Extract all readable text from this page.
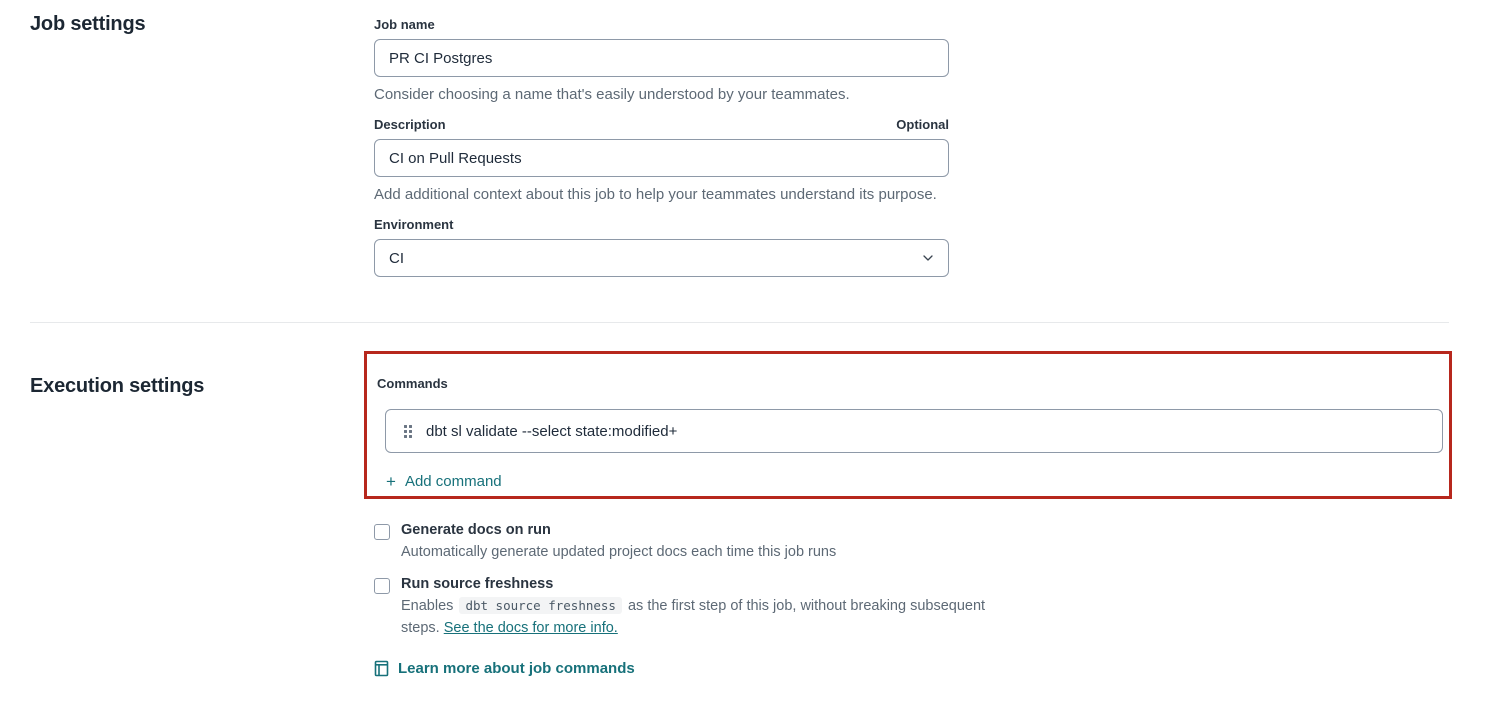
Job settings	Job name
PR CI Postgres
Consider choosing a name that's easily understood by your teammates.
Description	Optional
CI on Pull Requests
Add additional context about this job to help your teammates understand its purpose.
Environment
CI
Execution settings	Commands
dbt sl validate --select state:modified+
+ Add command
Generate docs on run
Automatically generate updated project docs each time this job runs
Run source freshness
Enables dbt source freshness as the first step of this job, without breaking subsequent
steps. See the docs for more info.
Learn more about job commands
